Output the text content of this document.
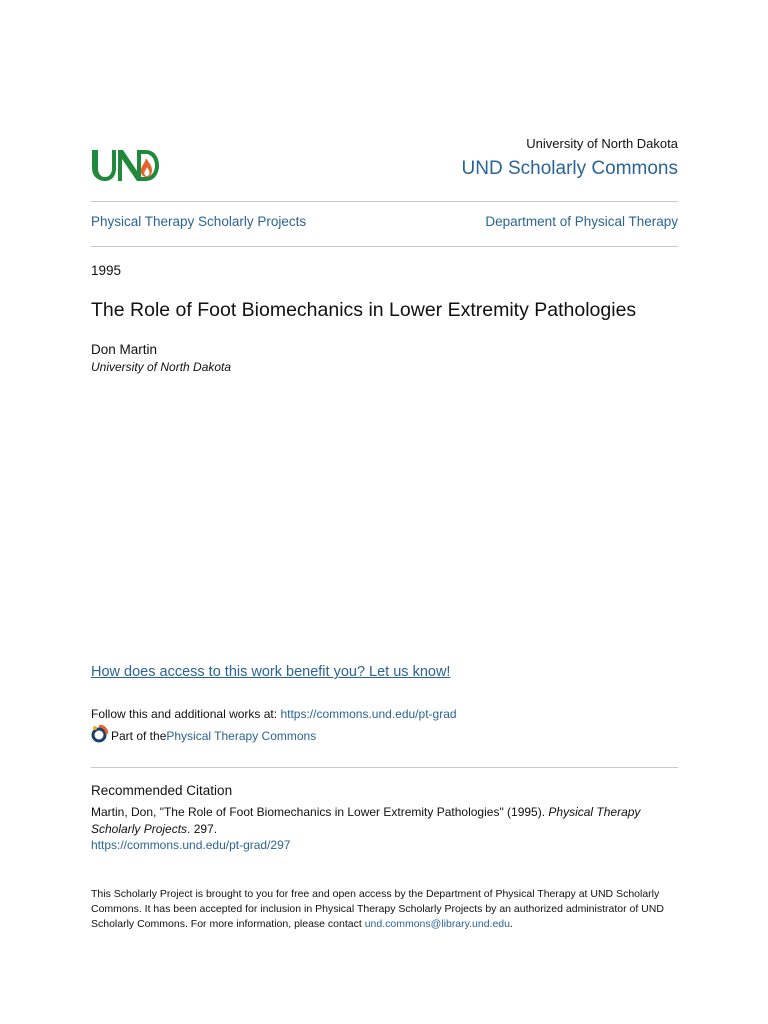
University of North Dakota
UND Scholarly Commons
Physical Therapy Scholarly Projects	Department of Physical Therapy
1995
The Role of Foot Biomechanics in Lower Extremity Pathologies
Don Martin
University of North Dakota
How does access to this work benefit you? Let us know!
Follow this and additional works at: https://commons.und.edu/pt-grad
Part of the Physical Therapy Commons
Recommended Citation
Martin, Don, "The Role of Foot Biomechanics in Lower Extremity Pathologies" (1995). Physical Therapy Scholarly Projects. 297.
https://commons.und.edu/pt-grad/297
This Scholarly Project is brought to you for free and open access by the Department of Physical Therapy at UND Scholarly Commons. It has been accepted for inclusion in Physical Therapy Scholarly Projects by an authorized administrator of UND Scholarly Commons. For more information, please contact und.commons@library.und.edu.
